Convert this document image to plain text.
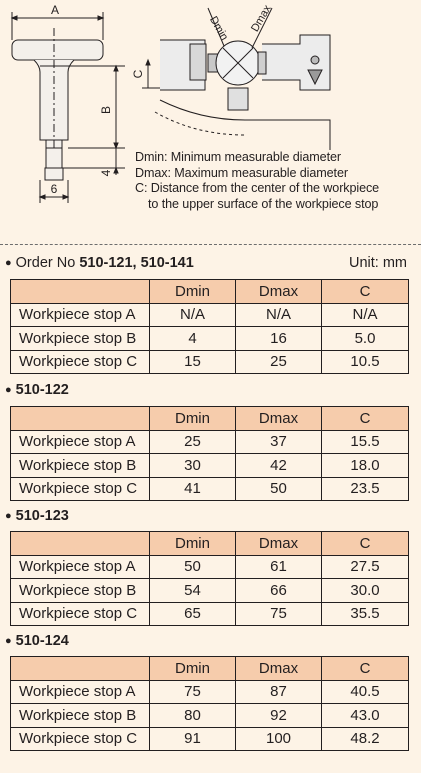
A
B
C
Dmin Dmax
4
6
Dmin: Minimum measurable diameter
Dmax: Maximum measurable diameter
C: Distance from the center of the workpiece
to the upper surface of the workpiece stop
● Order No 510-121, 510-141	Unit: mm
	Dmin	Dmax	C
Workpiece stop A	N/A	N/A	N/A
Workpiece stop B	4	16	5.0
Workpiece stop C	15	25	10.5
● 510-122
	Dmin	Dmax	C
Workpiece stop A	25	37	15.5
Workpiece stop B	30	42	18.0
Workpiece stop C	41	50	23.5
● 510-123
	Dmin	Dmax	C
Workpiece stop A	50	61	27.5
Workpiece stop B	54	66	30.0
Workpiece stop C	65	75	35.5
● 510-124
	Dmin	Dmax	C
Workpiece stop A	75	87	40.5
Workpiece stop B	80	92	43.0
Workpiece stop C	91	100	48.2
